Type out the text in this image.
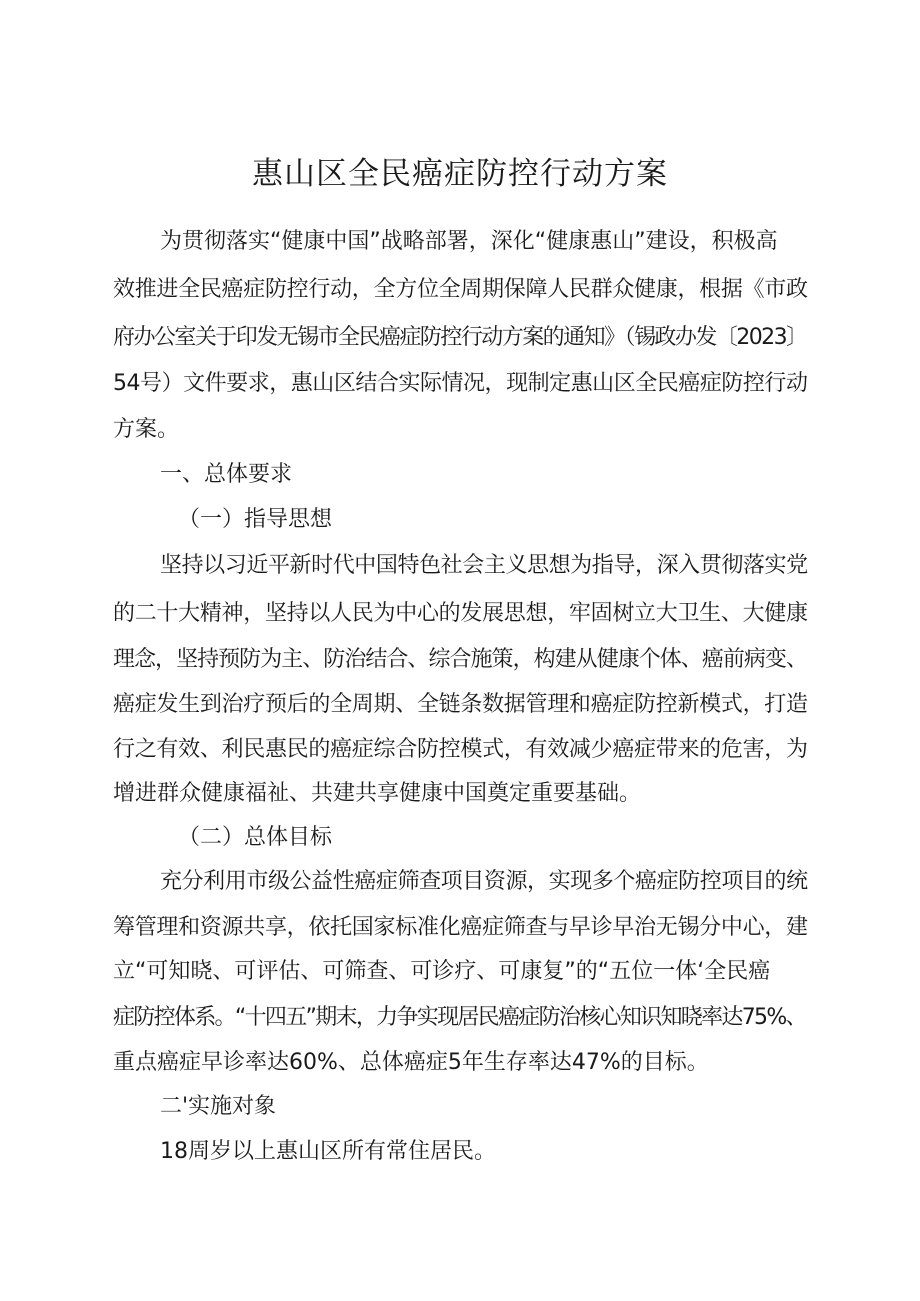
惠山区全民癌症防控行动方案
为贯彻落实“健康中国”战略部署，深化“健康惠山”建设，积极高
效推进全民癌症防控行动，全方位全周期保障人民群众健康，根据《市政
府办公室关于印发无锡市全民癌症防控行动方案的通知》（锡政办发〔2023〕
54号）文件要求，惠山区结合实际情况，现制定惠山区全民癌症防控行动
方案。
一、总体要求
（一）指导思想
坚持以习近平新时代中国特色社会主义思想为指导，深入贯彻落实党
的二十大精神，坚持以人民为中心的发展思想，牢固树立大卫生、大健康
理念，坚持预防为主、防治结合、综合施策，构建从健康个体、癌前病变、
癌症发生到治疗预后的全周期、全链条数据管理和癌症防控新模式，打造
行之有效、利民惠民的癌症综合防控模式，有效减少癌症带来的危害，为
增进群众健康福祉、共建共享健康中国奠定重要基础。
（二）总体目标
充分利用市级公益性癌症筛查项目资源，实现多个癌症防控项目的统
筹管理和资源共享，依托国家标准化癌症筛查与早诊早治无锡分中心，建
立“可知晓、可评估、可筛查、可诊疗、可康复”的“五位一体‘全民癌
症防控体系。“十四五”期末，力争实现居民癌症防治核心知识知晓率达75%、
重点癌症早诊率达60%、总体癌症5年生存率达47%的目标。
二'实施对象
18周岁以上惠山区所有常住居民。
